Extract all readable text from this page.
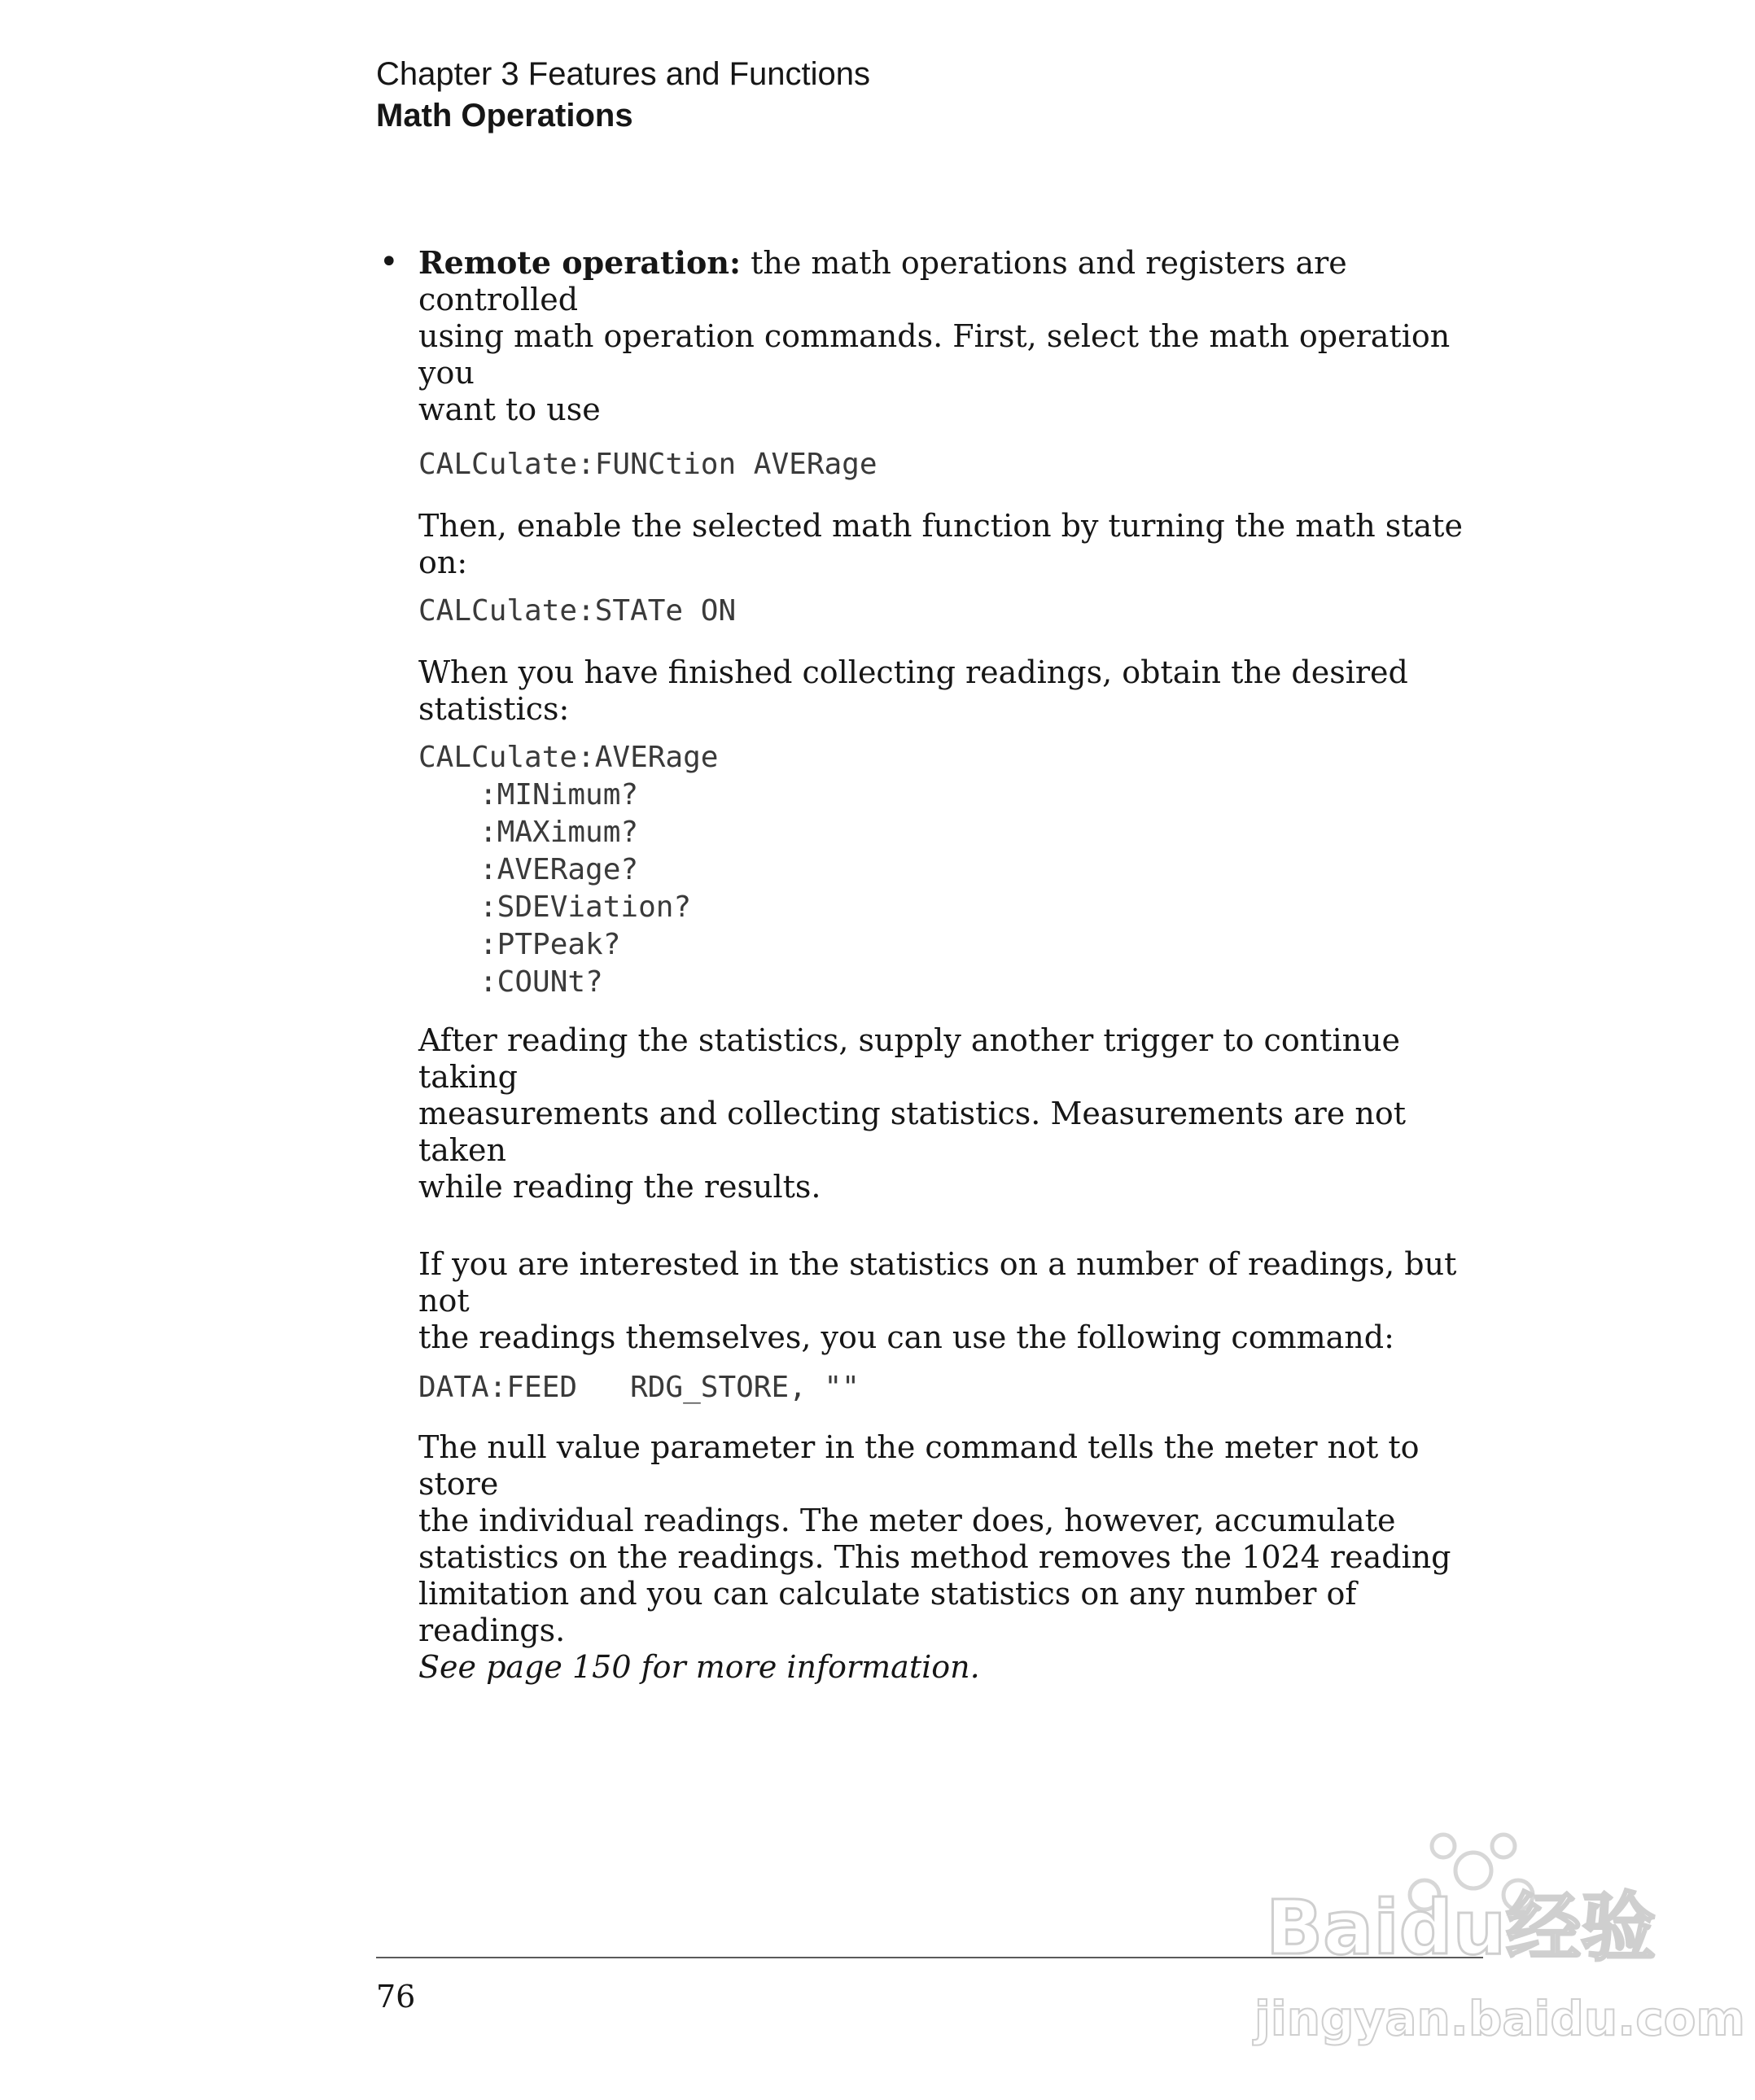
Chapter 3 Features and Functions
Math Operations
• Remote operation: the math operations and registers are controlled
using math operation commands. First, select the math operation you
want to use

CALCulate:FUNCtion AVERage

Then, enable the selected math function by turning the math state on:

CALCulate:STATe ON

When you have finished collecting readings, obtain the desired statistics:

CALCulate:AVERage

:MINimum?

:MAXimum?

:AVERage?

:SDEViation?

:PTPeak?

:COUNt?

After reading the statistics, supply another trigger to continue taking
measurements and collecting statistics. Measurements are not taken
while reading the results.

If you are interested in the statistics on a number of readings, but not
the readings themselves, you can use the following command:

DATA:FEED   RDG_STORE, ""

The null value parameter in the command tells the meter not to store
the individual readings. The meter does, however, accumulate
statistics on the readings. This method removes the 1024 reading
limitation and you can calculate statistics on any number of readings.
See page 150 for more information.

76
Baidu经验
jingyan.baidu.com
